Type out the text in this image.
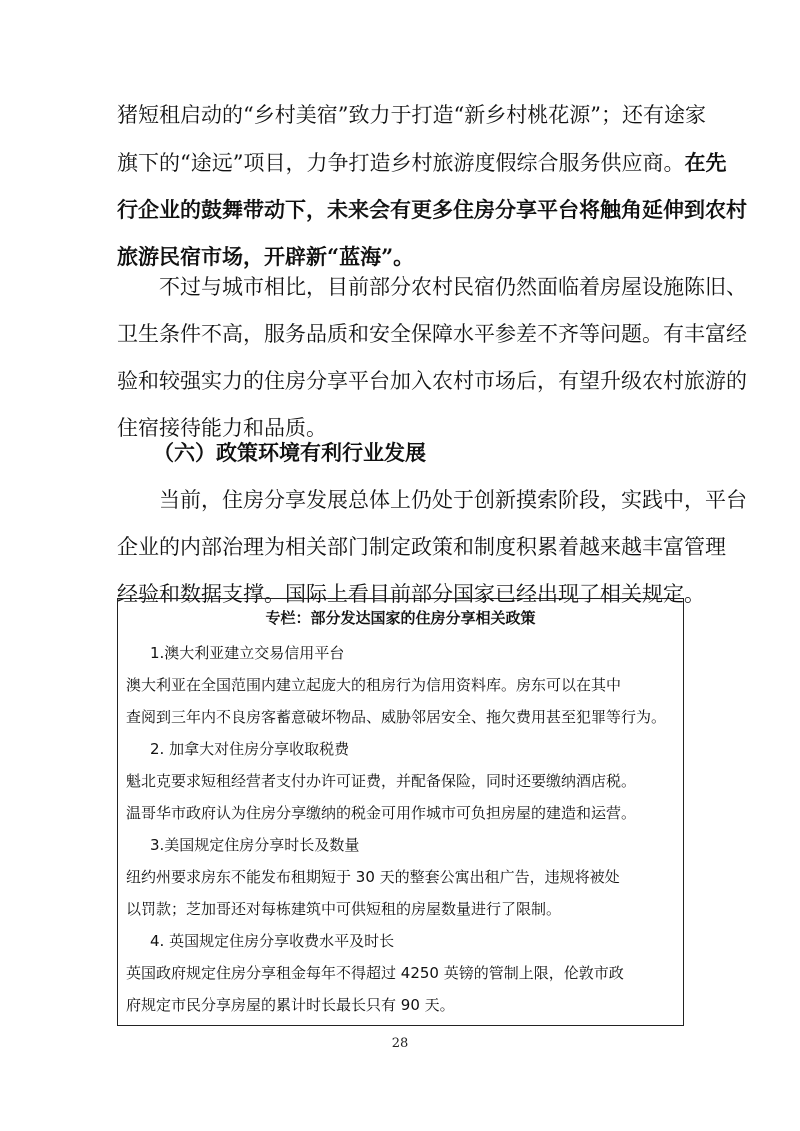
猪短租启动的“乡村美宿”致力于打造“新乡村桃花源”；还有途家
旗下的“途远”项目，力争打造乡村旅游度假综合服务供应商。在先
行企业的鼓舞带动下，未来会有更多住房分享平台将触角延伸到农村
旅游民宿市场，开辟新“蓝海”。
不过与城市相比，目前部分农村民宿仍然面临着房屋设施陈旧、
卫生条件不高，服务品质和安全保障水平参差不齐等问题。有丰富经
验和较强实力的住房分享平台加入农村市场后，有望升级农村旅游的
住宿接待能力和品质。
（六）政策环境有利行业发展
当前，住房分享发展总体上仍处于创新摸索阶段，实践中，平台
企业的内部治理为相关部门制定政策和制度积累着越来越丰富管理
经验和数据支撑。国际上看目前部分国家已经出现了相关规定。
专栏：部分发达国家的住房分享相关政策
1.澳大利亚建立交易信用平台
澳大利亚在全国范围内建立起庞大的租房行为信用资料库。房东可以在其中
查阅到三年内不良房客蓄意破坏物品、威胁邻居安全、拖欠费用甚至犯罪等行为。
2. 加拿大对住房分享收取税费
魁北克要求短租经营者支付办许可证费，并配备保险，同时还要缴纳酒店税。
温哥华市政府认为住房分享缴纳的税金可用作城市可负担房屋的建造和运营。
3.美国规定住房分享时长及数量
纽约州要求房东不能发布租期短于 30 天的整套公寓出租广告，违规将被处
以罚款；芝加哥还对每栋建筑中可供短租的房屋数量进行了限制。
4. 英国规定住房分享收费水平及时长
英国政府规定住房分享租金每年不得超过 4250 英镑的管制上限，伦敦市政
府规定市民分享房屋的累计时长最长只有 90 天。
28
